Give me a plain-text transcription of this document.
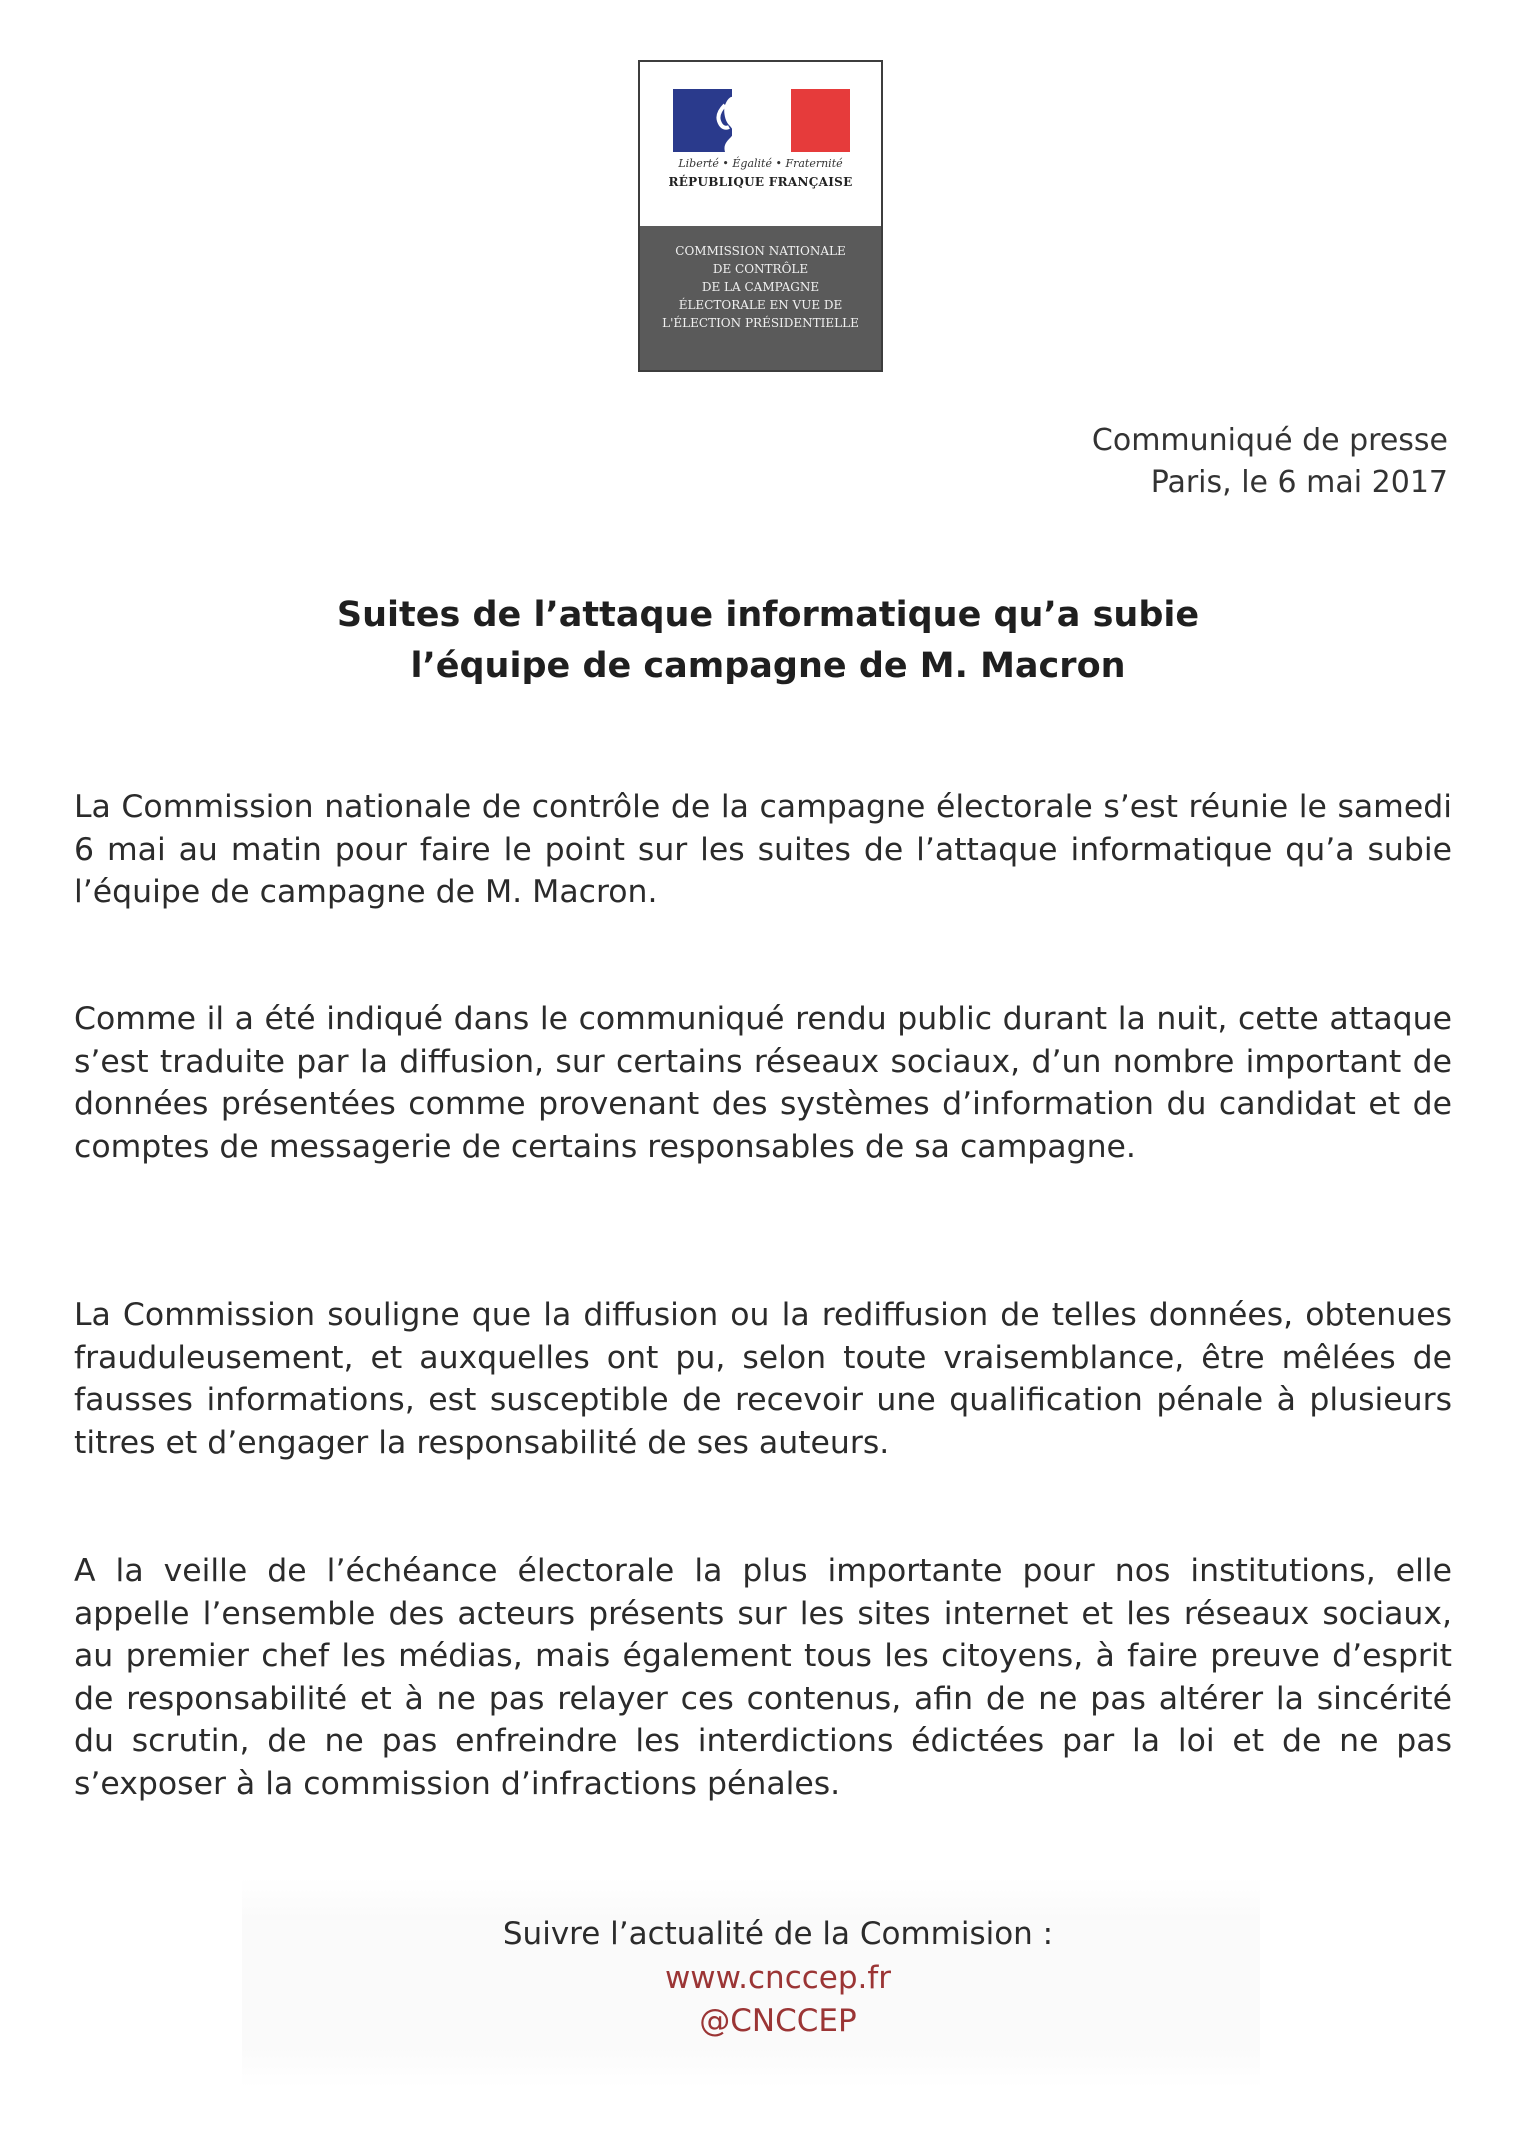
Liberté • Égalité • Fraternité
RÉPUBLIQUE FRANÇAISE
COMMISSION NATIONALE
DE CONTRÔLE
DE LA CAMPAGNE
ÉLECTORALE EN VUE DE
L'ÉLECTION PRÉSIDENTIELLE
Communiqué de presse
Paris, le 6 mai 2017
Suites de l’attaque informatique qu’a subie
l’équipe de campagne de M. Macron

La Commission nationale de contrôle de la campagne électorale s’est réunie le samedi 6 mai au matin pour faire le point sur les suites de l’attaque informatique qu’a subie l’équipe de campagne de M. Macron.

Comme il a été indiqué dans le communiqué rendu public durant la nuit, cette attaque s’est traduite par la diffusion, sur certains réseaux sociaux, d’un nombre important de données présentées comme provenant des systèmes d’information du candidat et de comptes de messagerie de certains responsables de sa campagne.

La Commission souligne que la diffusion ou la rediffusion de telles données, obtenues frauduleusement, et auxquelles ont pu, selon toute vraisemblance, être mêlées de fausses informations, est susceptible de recevoir une qualification pénale à plusieurs titres et d’engager la responsabilité de ses auteurs.

A la veille de l’échéance électorale la plus importante pour nos institutions, elle appelle l’ensemble des acteurs présents sur les sites internet et les réseaux sociaux, au premier chef les médias, mais également tous les citoyens, à faire preuve d’esprit de responsabilité et à ne pas relayer ces contenus, afin de ne pas altérer la sincérité du scrutin, de ne pas enfreindre les interdictions édictées par la loi et de ne pas s’exposer à la commission d’infractions pénales.

Suivre l’actualité de la Commision :
www.cnccep.fr
@CNCCEP
